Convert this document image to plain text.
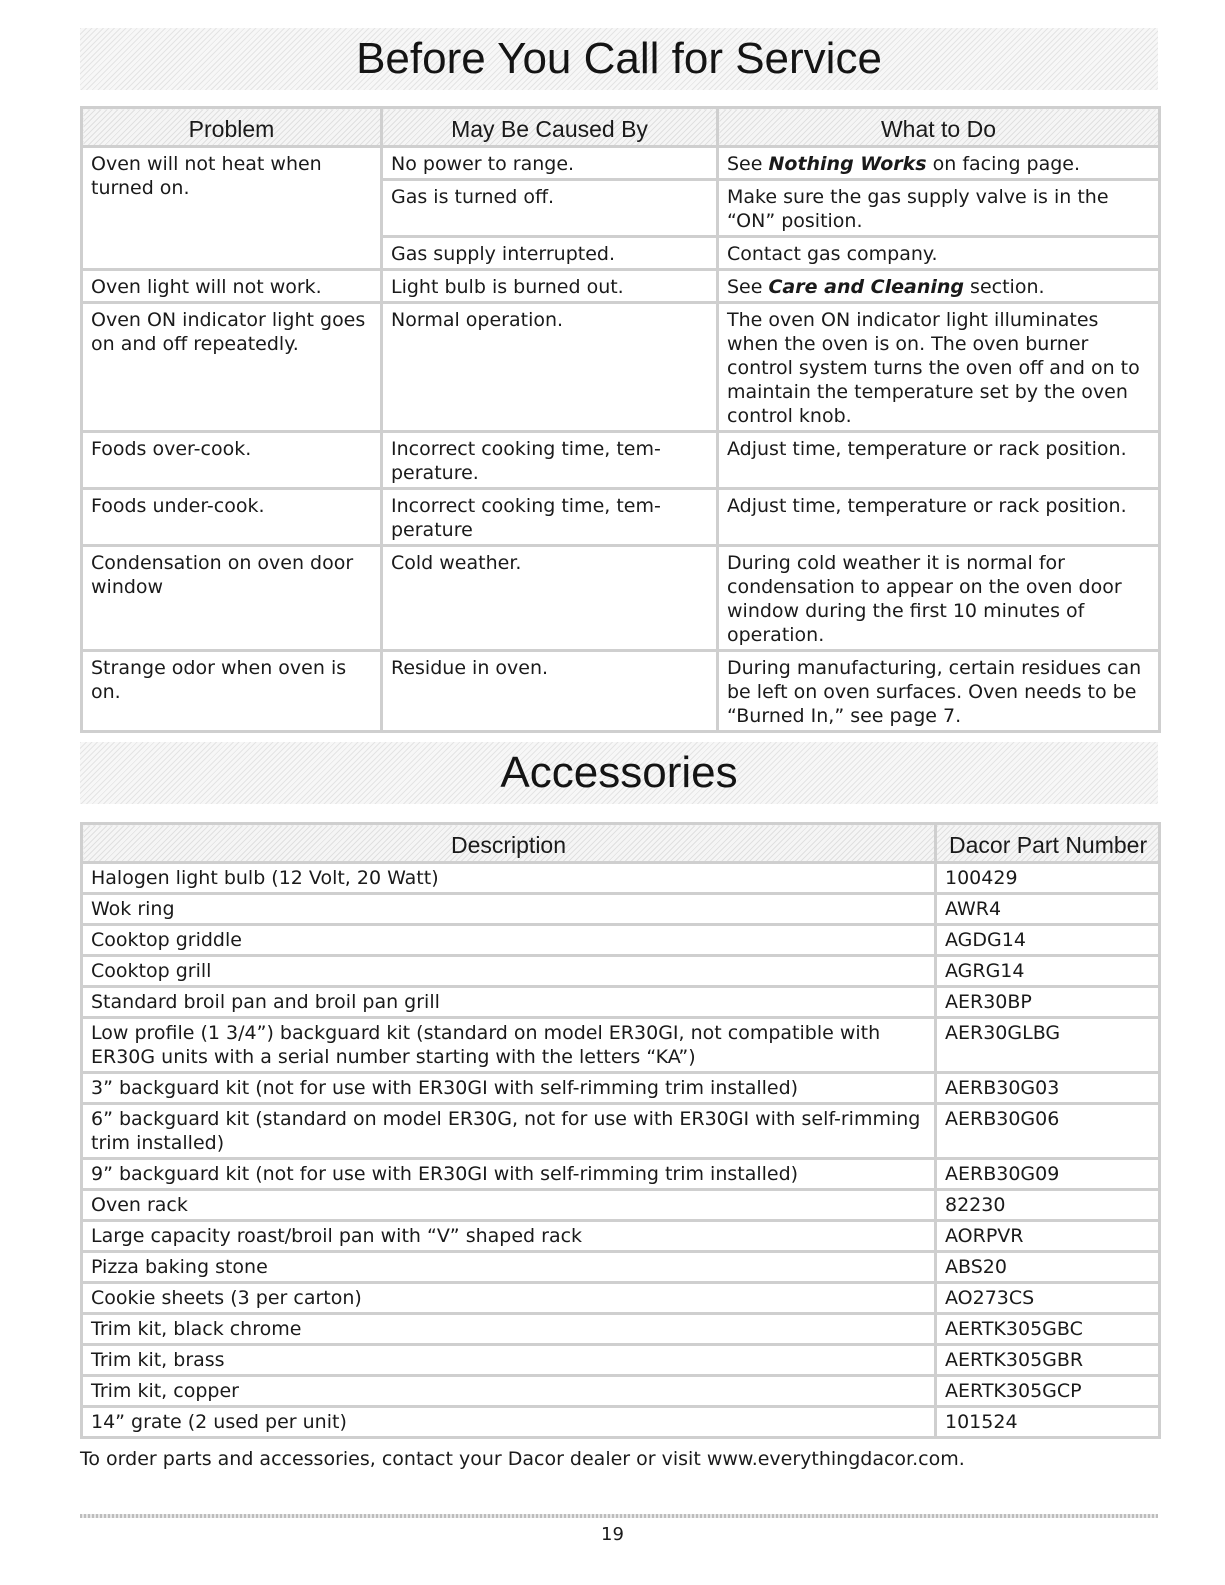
Before You Call for Service
Problem	May Be Caused By	What to Do
Oven will not heat when turned on.	No power to range.	See Nothing Works on facing page.
	Gas is turned off.	Make sure the gas supply valve is in the “ON” position.
	Gas supply interrupted.	Contact gas company.
Oven light will not work.	Light bulb is burned out.	See Care and Cleaning section.
Oven ON indicator light goes on and off repeatedly.	Normal operation.	The oven ON indicator light illuminates when the oven is on. The oven burner control system turns the oven off and on to maintain the temperature set by the oven control knob.
Foods over-cook.	Incorrect cooking time, tem-perature.	Adjust time, temperature or rack position.
Foods under-cook.	Incorrect cooking time, tem-perature	Adjust time, temperature or rack position.
Condensation on oven door window	Cold weather.	During cold weather it is normal for condensation to appear on the oven door window during the first 10 minutes of operation.
Strange odor when oven is on.	Residue in oven.	During manufacturing, certain residues can be left on oven surfaces. Oven needs to be “Burned In,” see page 7.
Accessories
Description	Dacor Part Number
Halogen light bulb (12 Volt, 20 Watt)	100429
Wok ring	AWR4
Cooktop griddle	AGDG14
Cooktop grill	AGRG14
Standard broil pan and broil pan grill	AER30BP
Low profile (1 3/4”) backguard kit (standard on model ER30GI, not compatible with ER30G units with a serial number starting with the letters “KA”)	AER30GLBG
3” backguard kit (not for use with ER30GI with self-rimming trim installed)	AERB30G03
6” backguard kit (standard on model ER30G, not for use with ER30GI with self-rimming trim installed)	AERB30G06
9” backguard kit (not for use with ER30GI with self-rimming trim installed)	AERB30G09
Oven rack	82230
Large capacity roast/broil pan with “V” shaped rack	AORPVR
Pizza baking stone	ABS20
Cookie sheets (3 per carton)	AO273CS
Trim kit, black chrome	AERTK305GBC
Trim kit, brass	AERTK305GBR
Trim kit, copper	AERTK305GCP
14” grate (2 used per unit)	101524
To order parts and accessories, contact your Dacor dealer or visit www.everythingdacor.com.
19
